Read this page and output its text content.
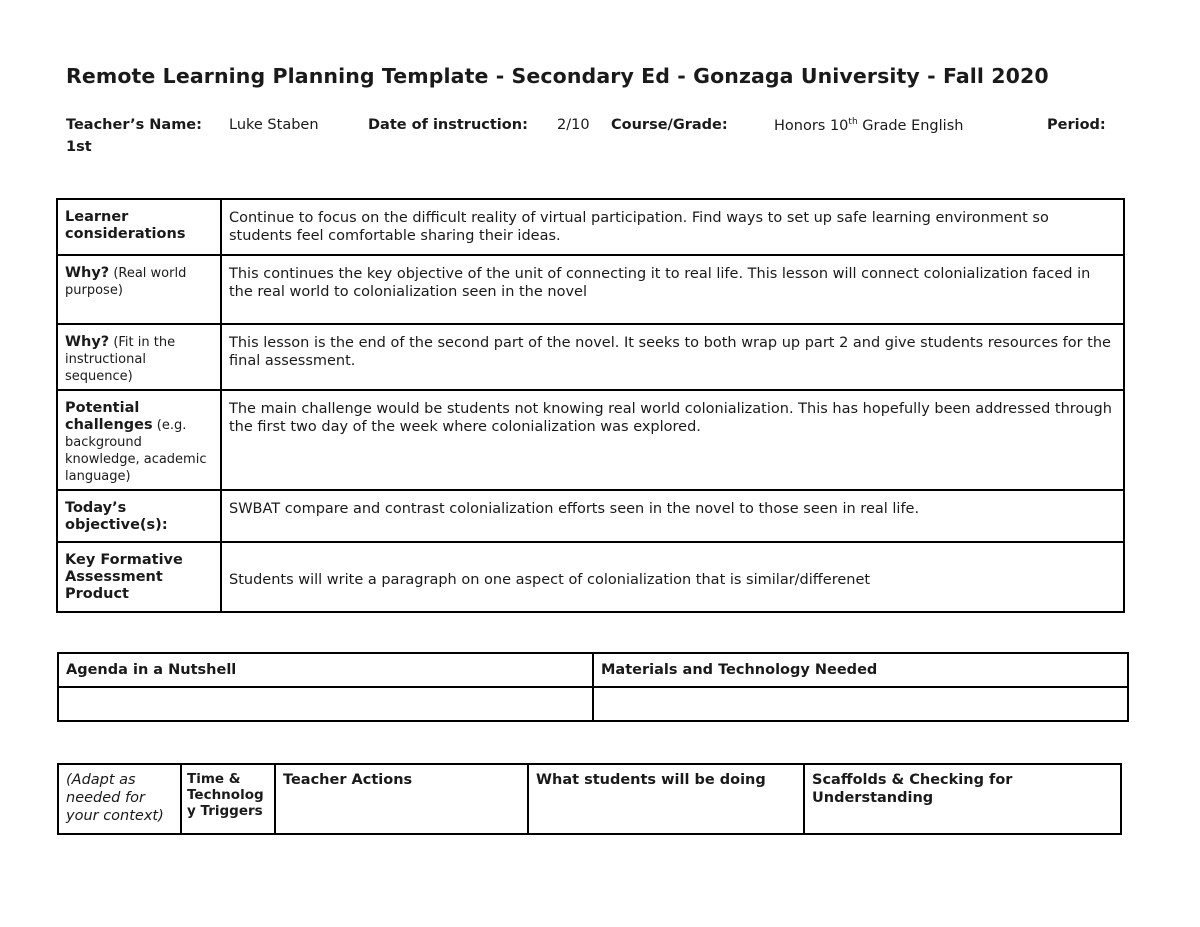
Remote Learning Planning Template - Secondary Ed - Gonzaga University - Fall 2020
Teacher’s Name: Luke Staben	Date of instruction: 2/10 Course/Grade:	Honors 10th Grade English	Period:
1st
Learner considerations	Continue to focus on the difficult reality of virtual participation. Find ways to set up safe learning environment so students feel comfortable sharing their ideas.
Why? (Real world purpose)	This continues the key objective of the unit of connecting it to real life. This lesson will connect colonialization faced in the real world to colonialization seen in the novel
Why? (Fit in the instructional sequence)	This lesson is the end of the second part of the novel. It seeks to both wrap up part 2 and give students resources for the final assessment.
Potential challenges (e.g. background knowledge, academic language)	The main challenge would be students not knowing real world colonialization. This has hopefully been addressed through the first two day of the week where colonialization was explored.
Today’s objective(s):	SWBAT compare and contrast colonialization efforts seen in the novel to those seen in real life.
Key Formative Assessment Product	Students will write a paragraph on one aspect of colonialization that is similar/differenet
Agenda in a Nutshell	Materials and Technology Needed

(Adapt as needed for your context)	Time & Technolog y Triggers	Teacher Actions	What students will be doing	Scaffolds & Checking for Understanding
